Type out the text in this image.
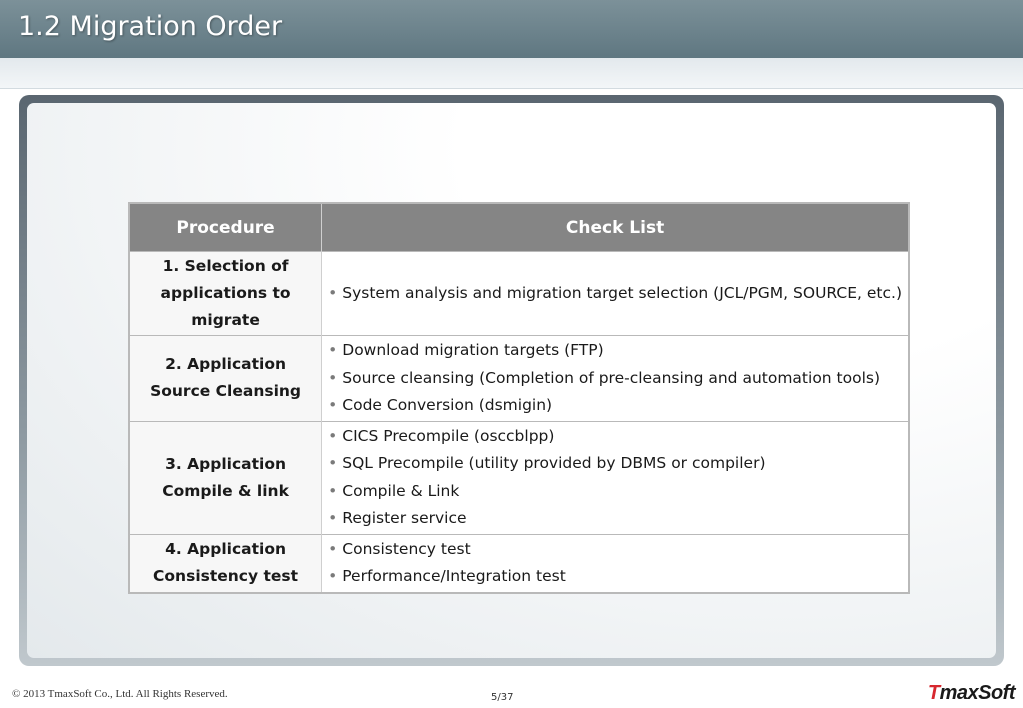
1.2 Migration Order
Procedure	Check List

1. Selection of
applications to migrate	• System analysis and migration target selection (JCL/PGM, SOURCE, etc.)

2. Application
Source Cleansing	• Download migration targets (FTP)
• Source cleansing (Completion of pre-cleansing and automation tools)
• Code Conversion (dsmigin)

3. Application
Compile & link	• CICS Precompile (osccblpp)
• SQL Precompile (utility provided by DBMS or compiler)
• Compile & Link
• Register service

4. Application
Consistency test	• Consistency test
• Performance/Integration test
© 2013 TmaxSoft Co., Ltd. All Rights Reserved.	5/37	TmaxSoft
